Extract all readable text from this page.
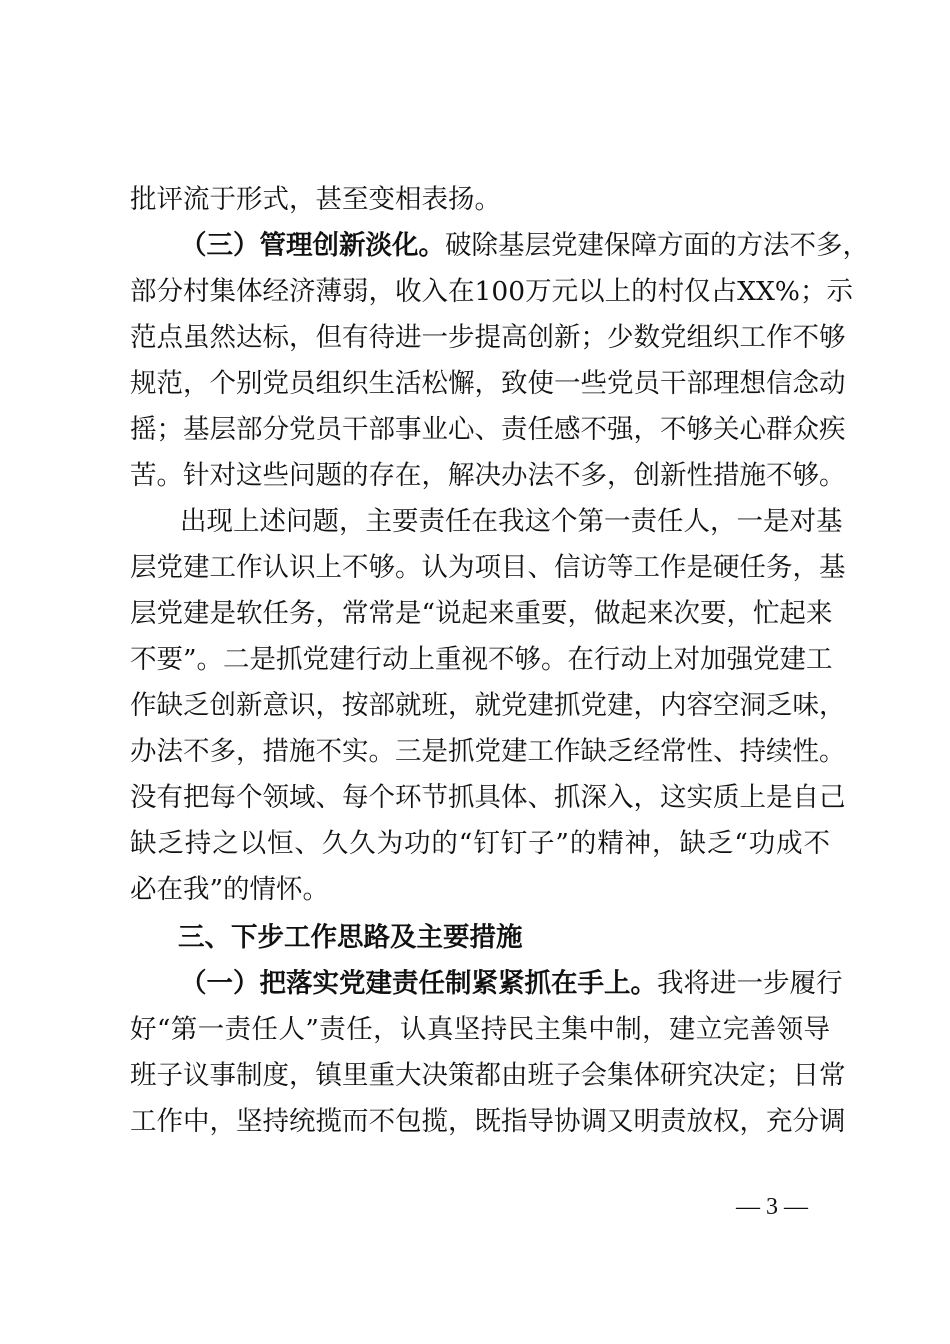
批评流于形式，甚至变相表扬。
（三）管理创新淡化。破除基层党建保障方面的方法不多，
部分村集体经济薄弱，收入在100万元以上的村仅占XX%；示
范点虽然达标，但有待进一步提高创新；少数党组织工作不够
规范，个别党员组织生活松懈，致使一些党员干部理想信念动
摇；基层部分党员干部事业心、责任感不强，不够关心群众疾
苦。针对这些问题的存在，解决办法不多，创新性措施不够。
出现上述问题，主要责任在我这个第一责任人，一是对基
层党建工作认识上不够。认为项目、信访等工作是硬任务，基
层党建是软任务，常常是“说起来重要，做起来次要，忙起来
不要”。二是抓党建行动上重视不够。在行动上对加强党建工
作缺乏创新意识，按部就班，就党建抓党建，内容空洞乏味，
办法不多，措施不实。三是抓党建工作缺乏经常性、持续性。
没有把每个领域、每个环节抓具体、抓深入，这实质上是自己
缺乏持之以恒、久久为功的“钉钉子”的精神，缺乏“功成不
必在我”的情怀。
三、下步工作思路及主要措施
（一）把落实党建责任制紧紧抓在手上。我将进一步履行
好“第一责任人”责任，认真坚持民主集中制，建立完善领导
班子议事制度，镇里重大决策都由班子会集体研究决定；日常
工作中，坚持统揽而不包揽，既指导协调又明责放权，充分调
— 3 —
